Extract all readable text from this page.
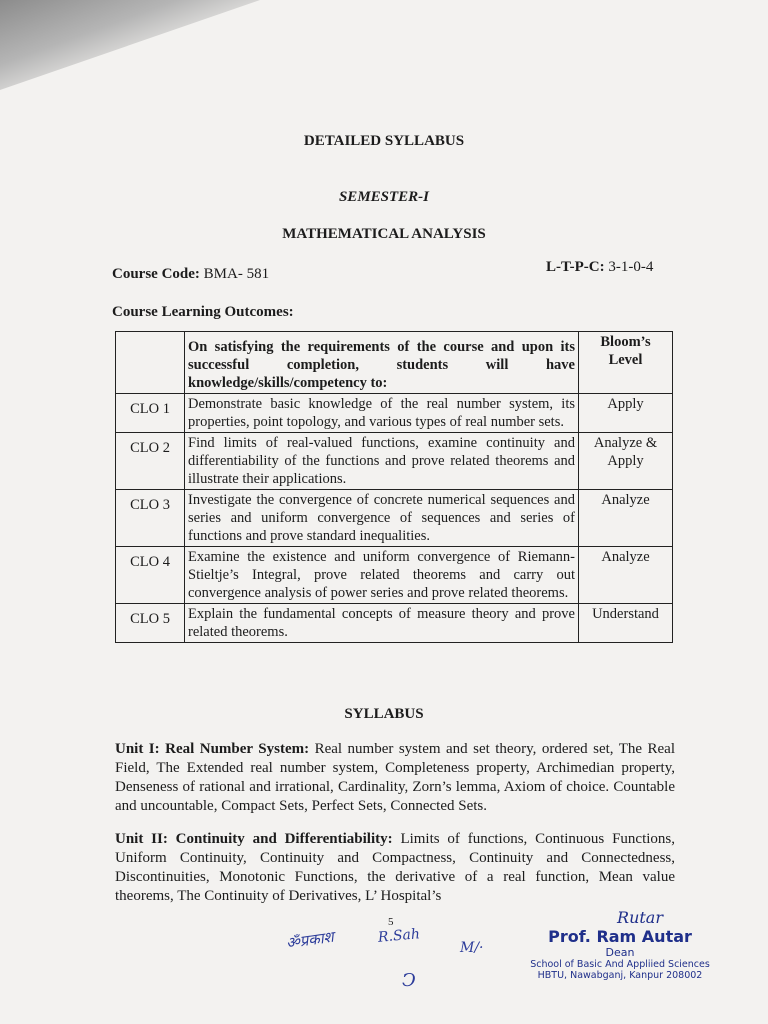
DETAILED SYLLABUS
SEMESTER-I
MATHEMATICAL ANALYSIS
Course Code: BMA- 581	L-T-P-C: 3-1-0-4
Course Learning Outcomes:
	On satisfying the requirements of the course and upon its successful completion, students will have knowledge/skills/competency to:	Bloom’s Level
CLO 1	Demonstrate basic knowledge of the real number system, its properties, point topology, and various types of real number sets.	Apply
CLO 2	Find limits of real-valued functions, examine continuity and differentiability of the functions and prove related theorems and illustrate their applications.	Analyze & Apply
CLO 3	Investigate the convergence of concrete numerical sequences and series and uniform convergence of sequences and series of functions and prove standard inequalities.	Analyze
CLO 4	Examine the existence and uniform convergence of Riemann-Stieltje’s Integral, prove related theorems and carry out convergence analysis of power series and prove related theorems.	Analyze
CLO 5	Explain the fundamental concepts of measure theory and prove related theorems.	Understand
SYLLABUS
Unit I: Real Number System: Real number system and set theory, ordered set, The Real Field, The Extended real number system, Completeness property, Archimedian property, Denseness of rational and irrational, Cardinality, Zorn’s lemma, Axiom of choice. Countable and uncountable, Compact Sets, Perfect Sets, Connected Sets.
Unit II: Continuity and Differentiability: Limits of functions, Continuous Functions, Uniform Continuity, Continuity and Compactness, Continuity and Connectedness, Discontinuities, Monotonic Functions, the derivative of a real function, Mean value theorems, The Continuity of Derivatives, L’ Hospital’s
5
ॐप्रकाश	R.Sah
M/·
Ↄ
Rutar
Prof. Ram Autar
Dean
School of Basic And Appliied Sciences
HBTU, Nawabganj, Kanpur 208002
